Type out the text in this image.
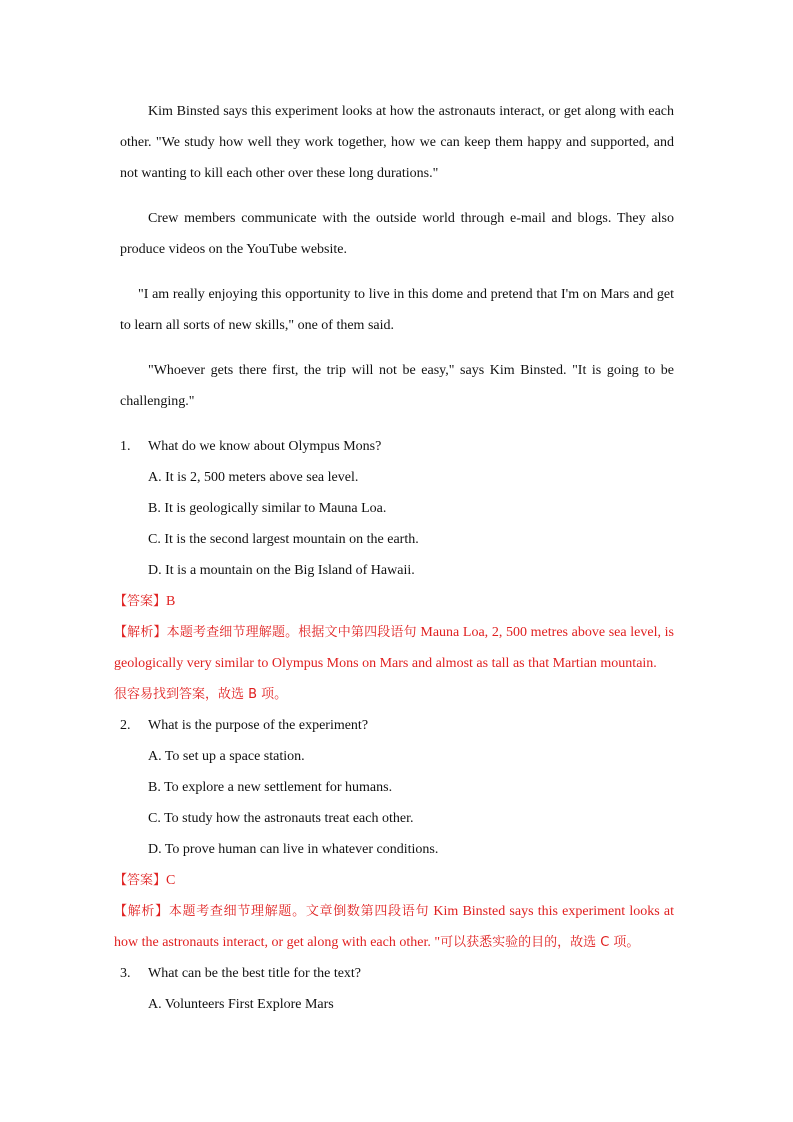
Kim Binsted says this experiment looks at how the astronauts interact, or get along with each other. "We study how well they work together, how we can keep them happy and supported, and not wanting to kill each other over these long durations."

Crew members communicate with the outside world through e-mail and blogs. They also produce videos on the YouTube website.

"I am really enjoying this opportunity to live in this dome and pretend that I'm on Mars and get to learn all sorts of new skills," one of them said.

"Whoever gets there first, the trip will not be easy," says Kim Binsted. "It is going to be challenging."

1.	What do we know about Olympus Mons?
A. It is 2, 500 meters above sea level.
B. It is geologically similar to Mauna Loa.
C. It is the second largest mountain on the earth.
D. It is a mountain on the Big Island of Hawaii.
【答案】B
【解析】本题考查细节理解题。根据文中第四段语句 Mauna Loa, 2, 500 metres above sea level, is geologically very similar to Olympus Mons on Mars and almost as tall as that Martian mountain.
很容易找到答案，故选 B 项。
2.	What is the purpose of the experiment?
A. To set up a space station.
B. To explore a new settlement for humans.
C. To study how the astronauts treat each other.
D. To prove human can live in whatever conditions.
【答案】C
【解析】本题考查细节理解题。文章倒数第四段语句 Kim Binsted says this experiment looks at how the astronauts interact, or get along with each other. "可以获悉实验的目的，故选 C 项。
3.	What can be the best title for the text?
A. Volunteers First Explore Mars
